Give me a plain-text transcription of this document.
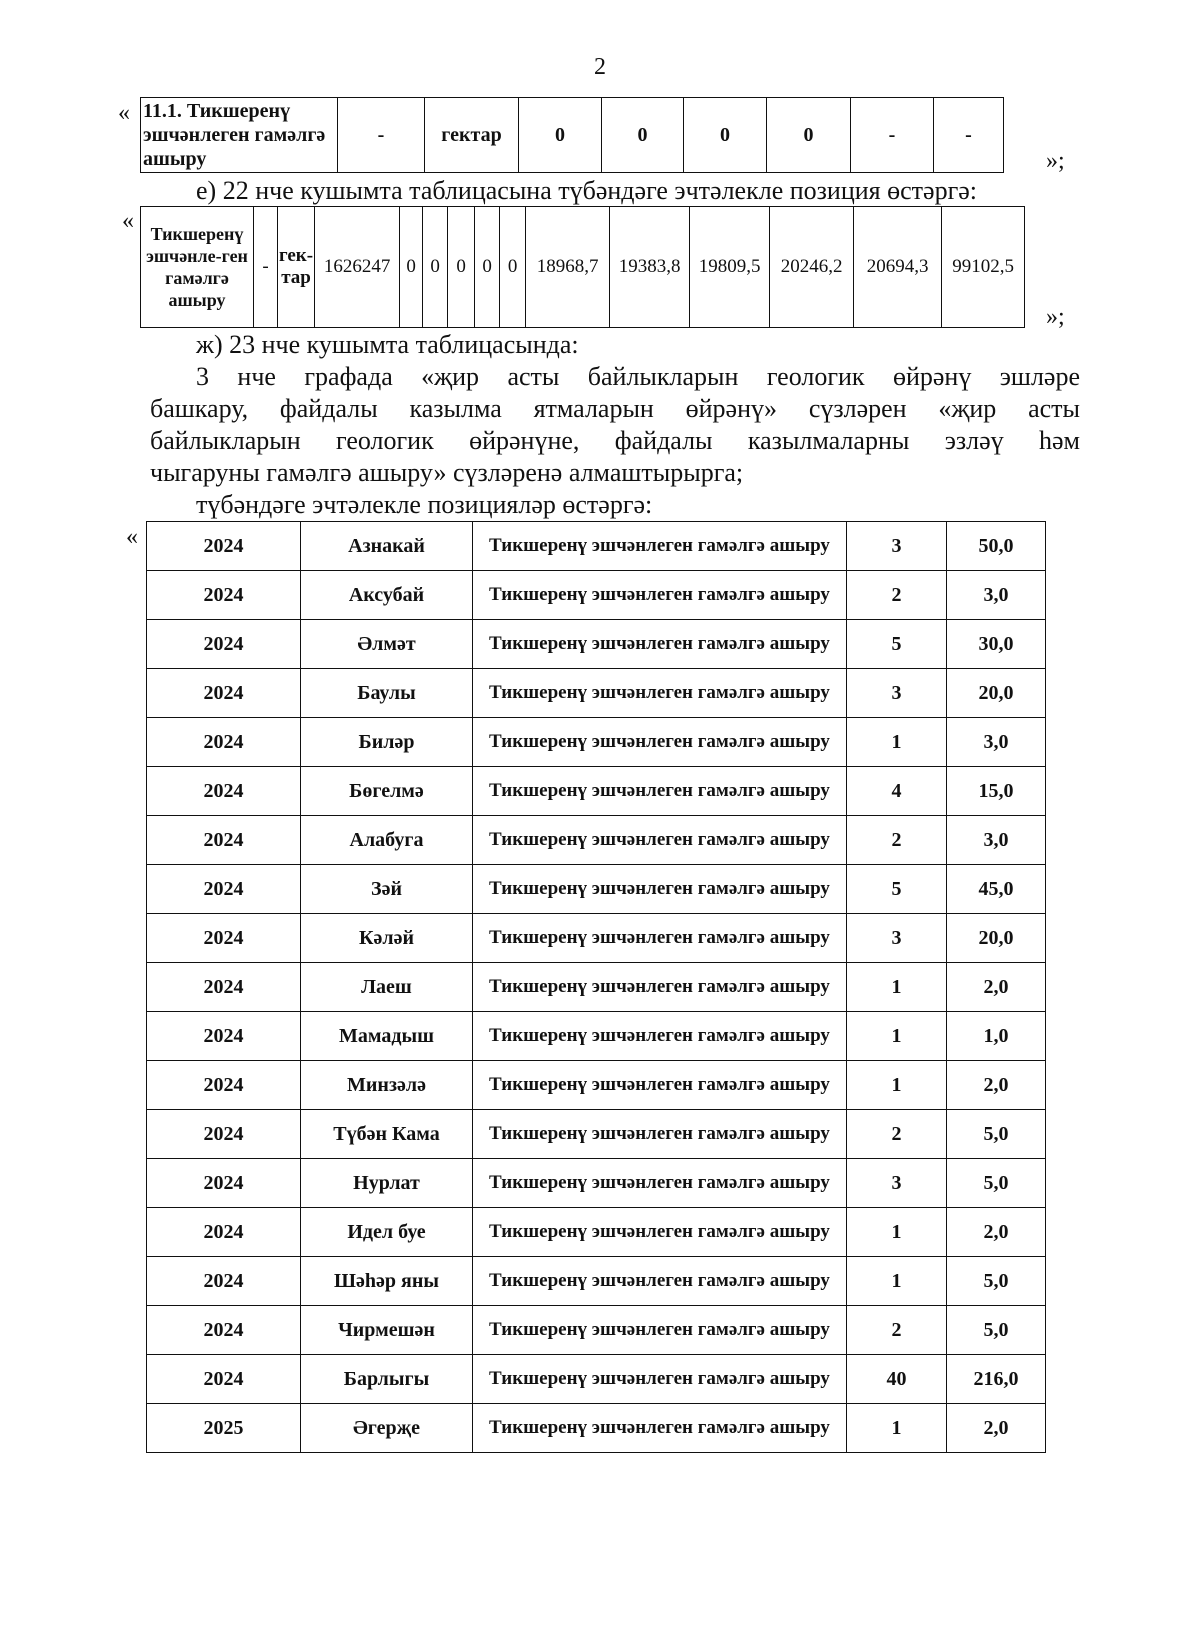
2
« 11.1. Тикшеренү эшчәнлеген гамәлгә ашыру	-	гектар	0	0	0	0	-	-
»;
е) 22 нче кушымта таблицасына түбәндәге эчтәлекле позиция өстәргә:
« Тикшеренү эшчәнле-ген гамәлгә ашыру	-	гек-тар	1626247	0	0	0	0	0	18968,7	19383,8	19809,5	20246,2	20694,3	99102,5
»;
ж) 23 нче кушымта таблицасында:
3 нче графада «җир асты байлыкларын геологик өйрәнү эшләре
башкару, файдалы казылма ятмаларын өйрәнү» сүзләрен «җир асты
байлыкларын геологик өйрәнүне, файдалы казылмаларны эзләү һәм
чыгаруны гамәлгә ашыру» сүзләренә алмаштырырга;
түбәндәге эчтәлекле позицияләр өстәргә:
«	2024	Азнакай	Тикшеренү эшчәнлеген гамәлгә ашыру	3	50,0
2024	Аксубай	Тикшеренү эшчәнлеген гамәлгә ашыру	2	3,0
2024	Әлмәт	Тикшеренү эшчәнлеген гамәлгә ашыру	5	30,0
2024	Баулы	Тикшеренү эшчәнлеген гамәлгә ашыру	3	20,0
2024	Биләр	Тикшеренү эшчәнлеген гамәлгә ашыру	1	3,0
2024	Бөгелмә	Тикшеренү эшчәнлеген гамәлгә ашыру	4	15,0
2024	Алабуга	Тикшеренү эшчәнлеген гамәлгә ашыру	2	3,0
2024	Зәй	Тикшеренү эшчәнлеген гамәлгә ашыру	5	45,0
2024	Кәләй	Тикшеренү эшчәнлеген гамәлгә ашыру	3	20,0
2024	Лаеш	Тикшеренү эшчәнлеген гамәлгә ашыру	1	2,0
2024	Мамадыш	Тикшеренү эшчәнлеген гамәлгә ашыру	1	1,0
2024	Минзәлә	Тикшеренү эшчәнлеген гамәлгә ашыру	1	2,0
2024	Түбән Кама	Тикшеренү эшчәнлеген гамәлгә ашыру	2	5,0
2024	Нурлат	Тикшеренү эшчәнлеген гамәлгә ашыру	3	5,0
2024	Идел буе	Тикшеренү эшчәнлеген гамәлгә ашыру	1	2,0
2024	Шәһәр яны	Тикшеренү эшчәнлеген гамәлгә ашыру	1	5,0
2024	Чирмешән	Тикшеренү эшчәнлеген гамәлгә ашыру	2	5,0
2024	Барлыгы	Тикшеренү эшчәнлеген гамәлгә ашыру	40	216,0
2025	Әгерҗе	Тикшеренү эшчәнлеген гамәлгә ашыру	1	2,0
